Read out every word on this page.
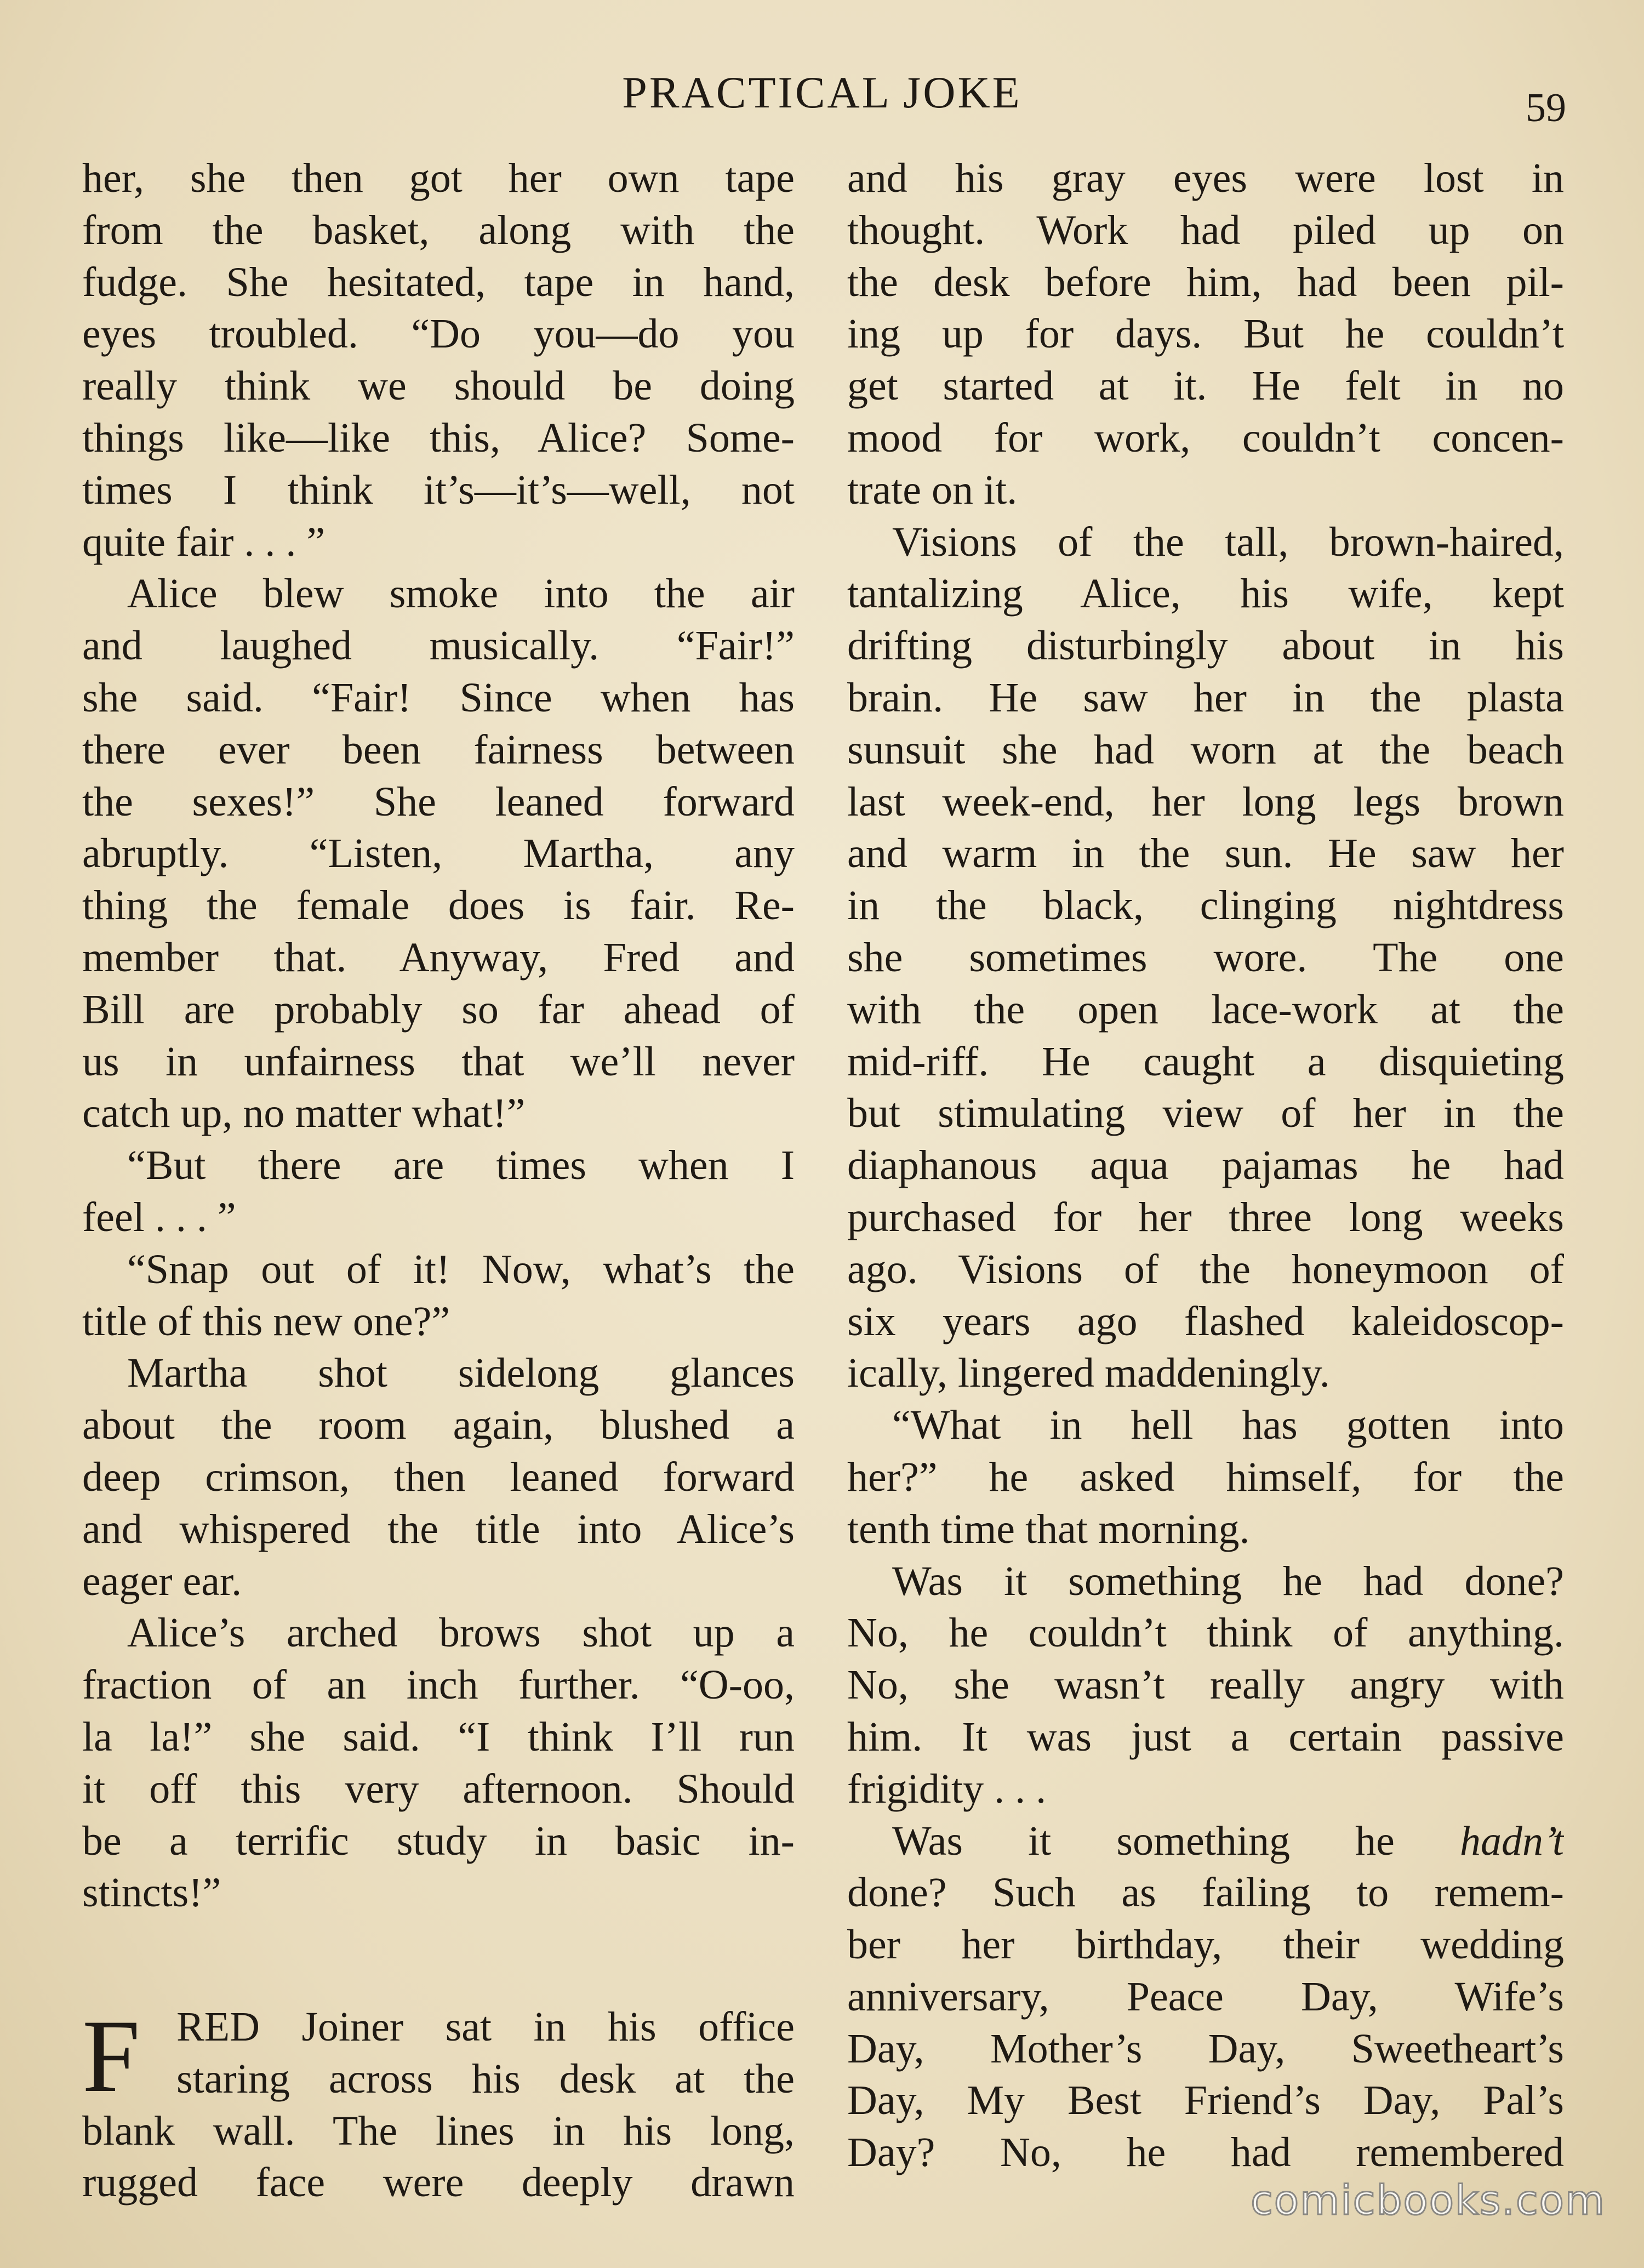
PRACTICAL JOKE	59
her, she then got her own tape
from the basket, along with the
fudge. She hesitated, tape in hand,
eyes troubled. “Do you—do you
really think we should be doing
things like—like this, Alice? Some-
times I think it’s—it’s—well, not
quite fair . . . ”
Alice blew smoke into the air
and laughed musically. “Fair!”
she said. “Fair! Since when has
there ever been fairness between
the sexes!” She leaned forward
abruptly. “Listen, Martha, any
thing the female does is fair. Re-
member that. Anyway, Fred and
Bill are probably so far ahead of
us in unfairness that we’ll never
catch up, no matter what!”
“But there are times when I
feel . . . ”
“Snap out of it! Now, what’s the
title of this new one?”
Martha shot sidelong glances
about the room again, blushed a
deep crimson, then leaned forward
and whispered the title into Alice’s
eager ear.
Alice’s arched brows shot up a
fraction of an inch further. “O-oo,
la la!” she said. “I think I’ll run
it off this very afternoon. Should
be a terrific study in basic in-
stincts!”
F RED Joiner sat in his office
staring across his desk at the
blank wall. The lines in his long,
rugged face were deeply drawn
and his gray eyes were lost in
thought. Work had piled up on
the desk before him, had been pil-
ing up for days. But he couldn’t
get started at it. He felt in no
mood for work, couldn’t concen-
trate on it.
Visions of the tall, brown-haired,
tantalizing Alice, his wife, kept
drifting disturbingly about in his
brain. He saw her in the plasta
sunsuit she had worn at the beach
last week-end, her long legs brown
and warm in the sun. He saw her
in the black, clinging nightdress
she sometimes wore. The one
with the open lace-work at the
mid-riff. He caught a disquieting
but stimulating view of her in the
diaphanous aqua pajamas he had
purchased for her three long weeks
ago. Visions of the honeymoon of
six years ago flashed kaleidoscop-
ically, lingered maddeningly.
“What in hell has gotten into
her?” he asked himself, for the
tenth time that morning.
Was it something he had done?
No, he couldn’t think of anything.
No, she wasn’t really angry with
him. It was just a certain passive
frigidity . . .
Was it something he hadn’t
done? Such as failing to remem-
ber her birthday, their wedding
anniversary, Peace Day, Wife’s
Day, Mother’s Day, Sweetheart’s
Day, My Best Friend’s Day, Pal’s
Day? No, he had remembered
comicbooks.com
